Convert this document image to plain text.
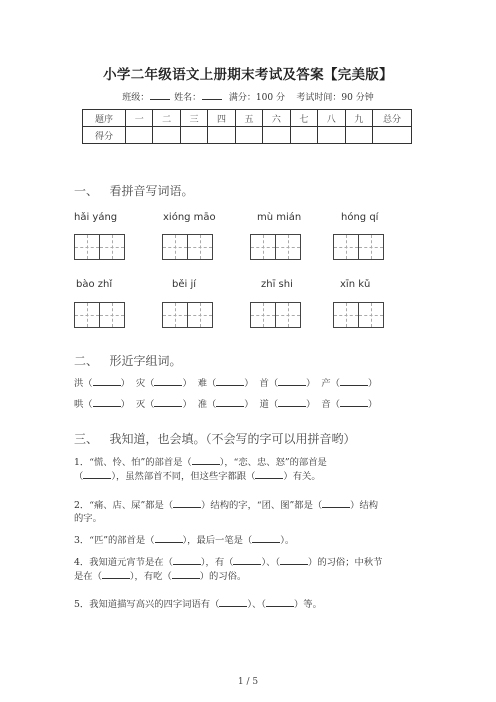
小学二年级语文上册期末考试及答案【完美版】
班级：	姓名：	满分：100 分 考试时间：90 分钟
题序	一	二	三	四	五	六	七	八	九	总分
得分										
一、 看拼音写词语。
hǎi yáng	xióng māo	mù mián	hóng qí
bào zhǐ	běi jí	zhī shi	xīn kǔ
二、 形近字组词。
洪（	） 灾（	） 难（	） 首（	） 产（	）
哄（	） 灭（	） 准（	） 道（	） 音（	）
三、 我知道，也会填。（不会写的字可以用拼音哟）
1．“慌、怜、怕”的部首是（	），“恋、忠、怒”的部首是
（	），虽然部首不同，但这些字都跟（	）有关。
2．“痛、店、屎”都是（	）结构的字，“团、图”都是（	）结构
的字。
3．“匹”的部首是（	），最后一笔是（	）。
4．我知道元宵节是在（	），有（	）、（	）的习俗；中秋节
是在（	），有吃（	）的习俗。
5．我知道描写高兴的四字词语有（	）、（	）等。
1 / 5
